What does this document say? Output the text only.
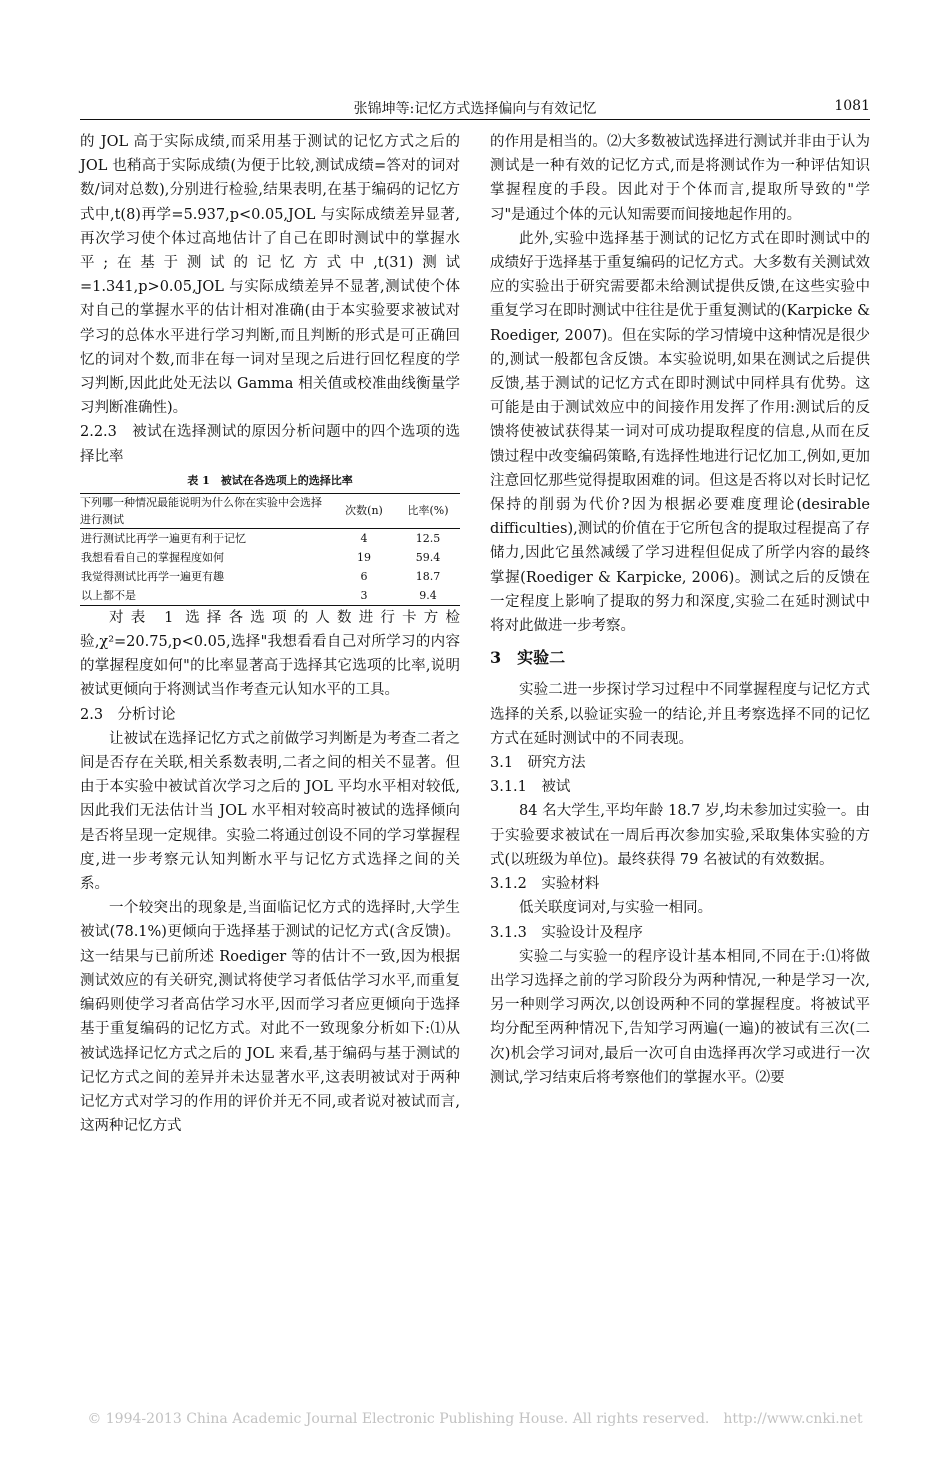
张锦坤等:记忆方式选择偏向与有效记忆	1081

的 JOL 高于实际成绩,而采用基于测试的记忆方式之后的 JOL 也稍高于实际成绩(为便于比较,测试成绩=答对的词对数/词对总数),分别进行检验,结果表明,在基于编码的记忆方式中,t(8)再学=5.937,p<0.05,JOL 与实际成绩差异显著,再次学习使个体过高地估计了自己在即时测试中的掌握水平;在基于测试的记忆方式中,t(31)测试=1.341,p>0.05,JOL 与实际成绩差异不显著,测试使个体对自己的掌握水平的估计相对准确(由于本实验要求被试对学习的总体水平进行学习判断,而且判断的形式是可正确回忆的词对个数,而非在每一词对呈现之后进行回忆程度的学习判断,因此此处无法以 Gamma 相关值或校准曲线衡量学习判断准确性)。

2.2.3　被试在选择测试的原因分析问题中的四个选项的选择比率

表 1　被试在各选项上的选择比率
下列哪一种情况最能说明为什么你在实验中会选择进行测试	次数(n)	比率(%)

进行测试比再学一遍更有利于记忆	4	12.5
我想看看自己的掌握程度如何	19	59.4
我觉得测试比再学一遍更有趣	6	18.7
以上都不是	3	9.4

对表 1 选择各选项的人数进行卡方检验,χ²=20.75,p<0.05,选择"我想看看自己对所学习的内容的掌握程度如何"的比率显著高于选择其它选项的比率,说明被试更倾向于将测试当作考查元认知水平的工具。

2.3　分析讨论

让被试在选择记忆方式之前做学习判断是为考查二者之间是否存在关联,相关系数表明,二者之间的相关不显著。但由于本实验中被试首次学习之后的 JOL 平均水平相对较低,因此我们无法估计当 JOL 水平相对较高时被试的选择倾向是否将呈现一定规律。实验二将通过创设不同的学习掌握程度,进一步考察元认知判断水平与记忆方式选择之间的关系。

一个较突出的现象是,当面临记忆方式的选择时,大学生被试(78.1%)更倾向于选择基于测试的记忆方式(含反馈)。这一结果与已前所述 Roediger 等的估计不一致,因为根据测试效应的有关研究,测试将使学习者低估学习水平,而重复编码则使学习者高估学习水平,因而学习者应更倾向于选择基于重复编码的记忆方式。对此不一致现象分析如下:⑴从被试选择记忆方式之后的 JOL 来看,基于编码与基于测试的记忆方式之间的差异并未达显著水平,这表明被试对于两种记忆方式对学习的作用的评价并无不同,或者说对被试而言,这两种记忆方式

的作用是相当的。⑵大多数被试选择进行测试并非由于认为测试是一种有效的记忆方式,而是将测试作为一种评估知识掌握程度的手段。因此对于个体而言,提取所导致的"学习"是通过个体的元认知需要而间接地起作用的。

此外,实验中选择基于测试的记忆方式在即时测试中的成绩好于选择基于重复编码的记忆方式。大多数有关测试效应的实验出于研究需要都未给测试提供反馈,在这些实验中重复学习在即时测试中往往是优于重复测试的(Karpicke & Roediger, 2007)。但在实际的学习情境中这种情况是很少的,测试一般都包含反馈。本实验说明,如果在测试之后提供反馈,基于测试的记忆方式在即时测试中同样具有优势。这可能是由于测试效应中的间接作用发挥了作用:测试后的反馈将使被试获得某一词对可成功提取程度的信息,从而在反馈过程中改变编码策略,有选择性地进行记忆加工,例如,更加注意回忆那些觉得提取困难的词。但这是否将以对长时记忆保持的削弱为代价?因为根据必要难度理论(desirable difficulties),测试的价值在于它所包含的提取过程提高了存储力,因此它虽然减缓了学习进程但促成了所学内容的最终掌握(Roediger & Karpicke, 2006)。测试之后的反馈在一定程度上影响了提取的努力和深度,实验二在延时测试中将对此做进一步考察。

3　实验二

实验二进一步探讨学习过程中不同掌握程度与记忆方式选择的关系,以验证实验一的结论,并且考察选择不同的记忆方式在延时测试中的不同表现。

3.1　研究方法

3.1.1　被试

84 名大学生,平均年龄 18.7 岁,均未参加过实验一。由于实验要求被试在一周后再次参加实验,采取集体实验的方式(以班级为单位)。最终获得 79 名被试的有效数据。

3.1.2　实验材料

低关联度词对,与实验一相同。

3.1.3　实验设计及程序

实验二与实验一的程序设计基本相同,不同在于:⑴将做出学习选择之前的学习阶段分为两种情况,一种是学习一次,另一种则学习两次,以创设两种不同的掌握程度。将被试平均分配至两种情况下,告知学习两遍(一遍)的被试有三次(二次)机会学习词对,最后一次可自由选择再次学习或进行一次测试,学习结束后将考察他们的掌握水平。⑵要

© 1994-2013 China Academic Journal Electronic Publishing House. All rights reserved.　http://www.cnki.net
